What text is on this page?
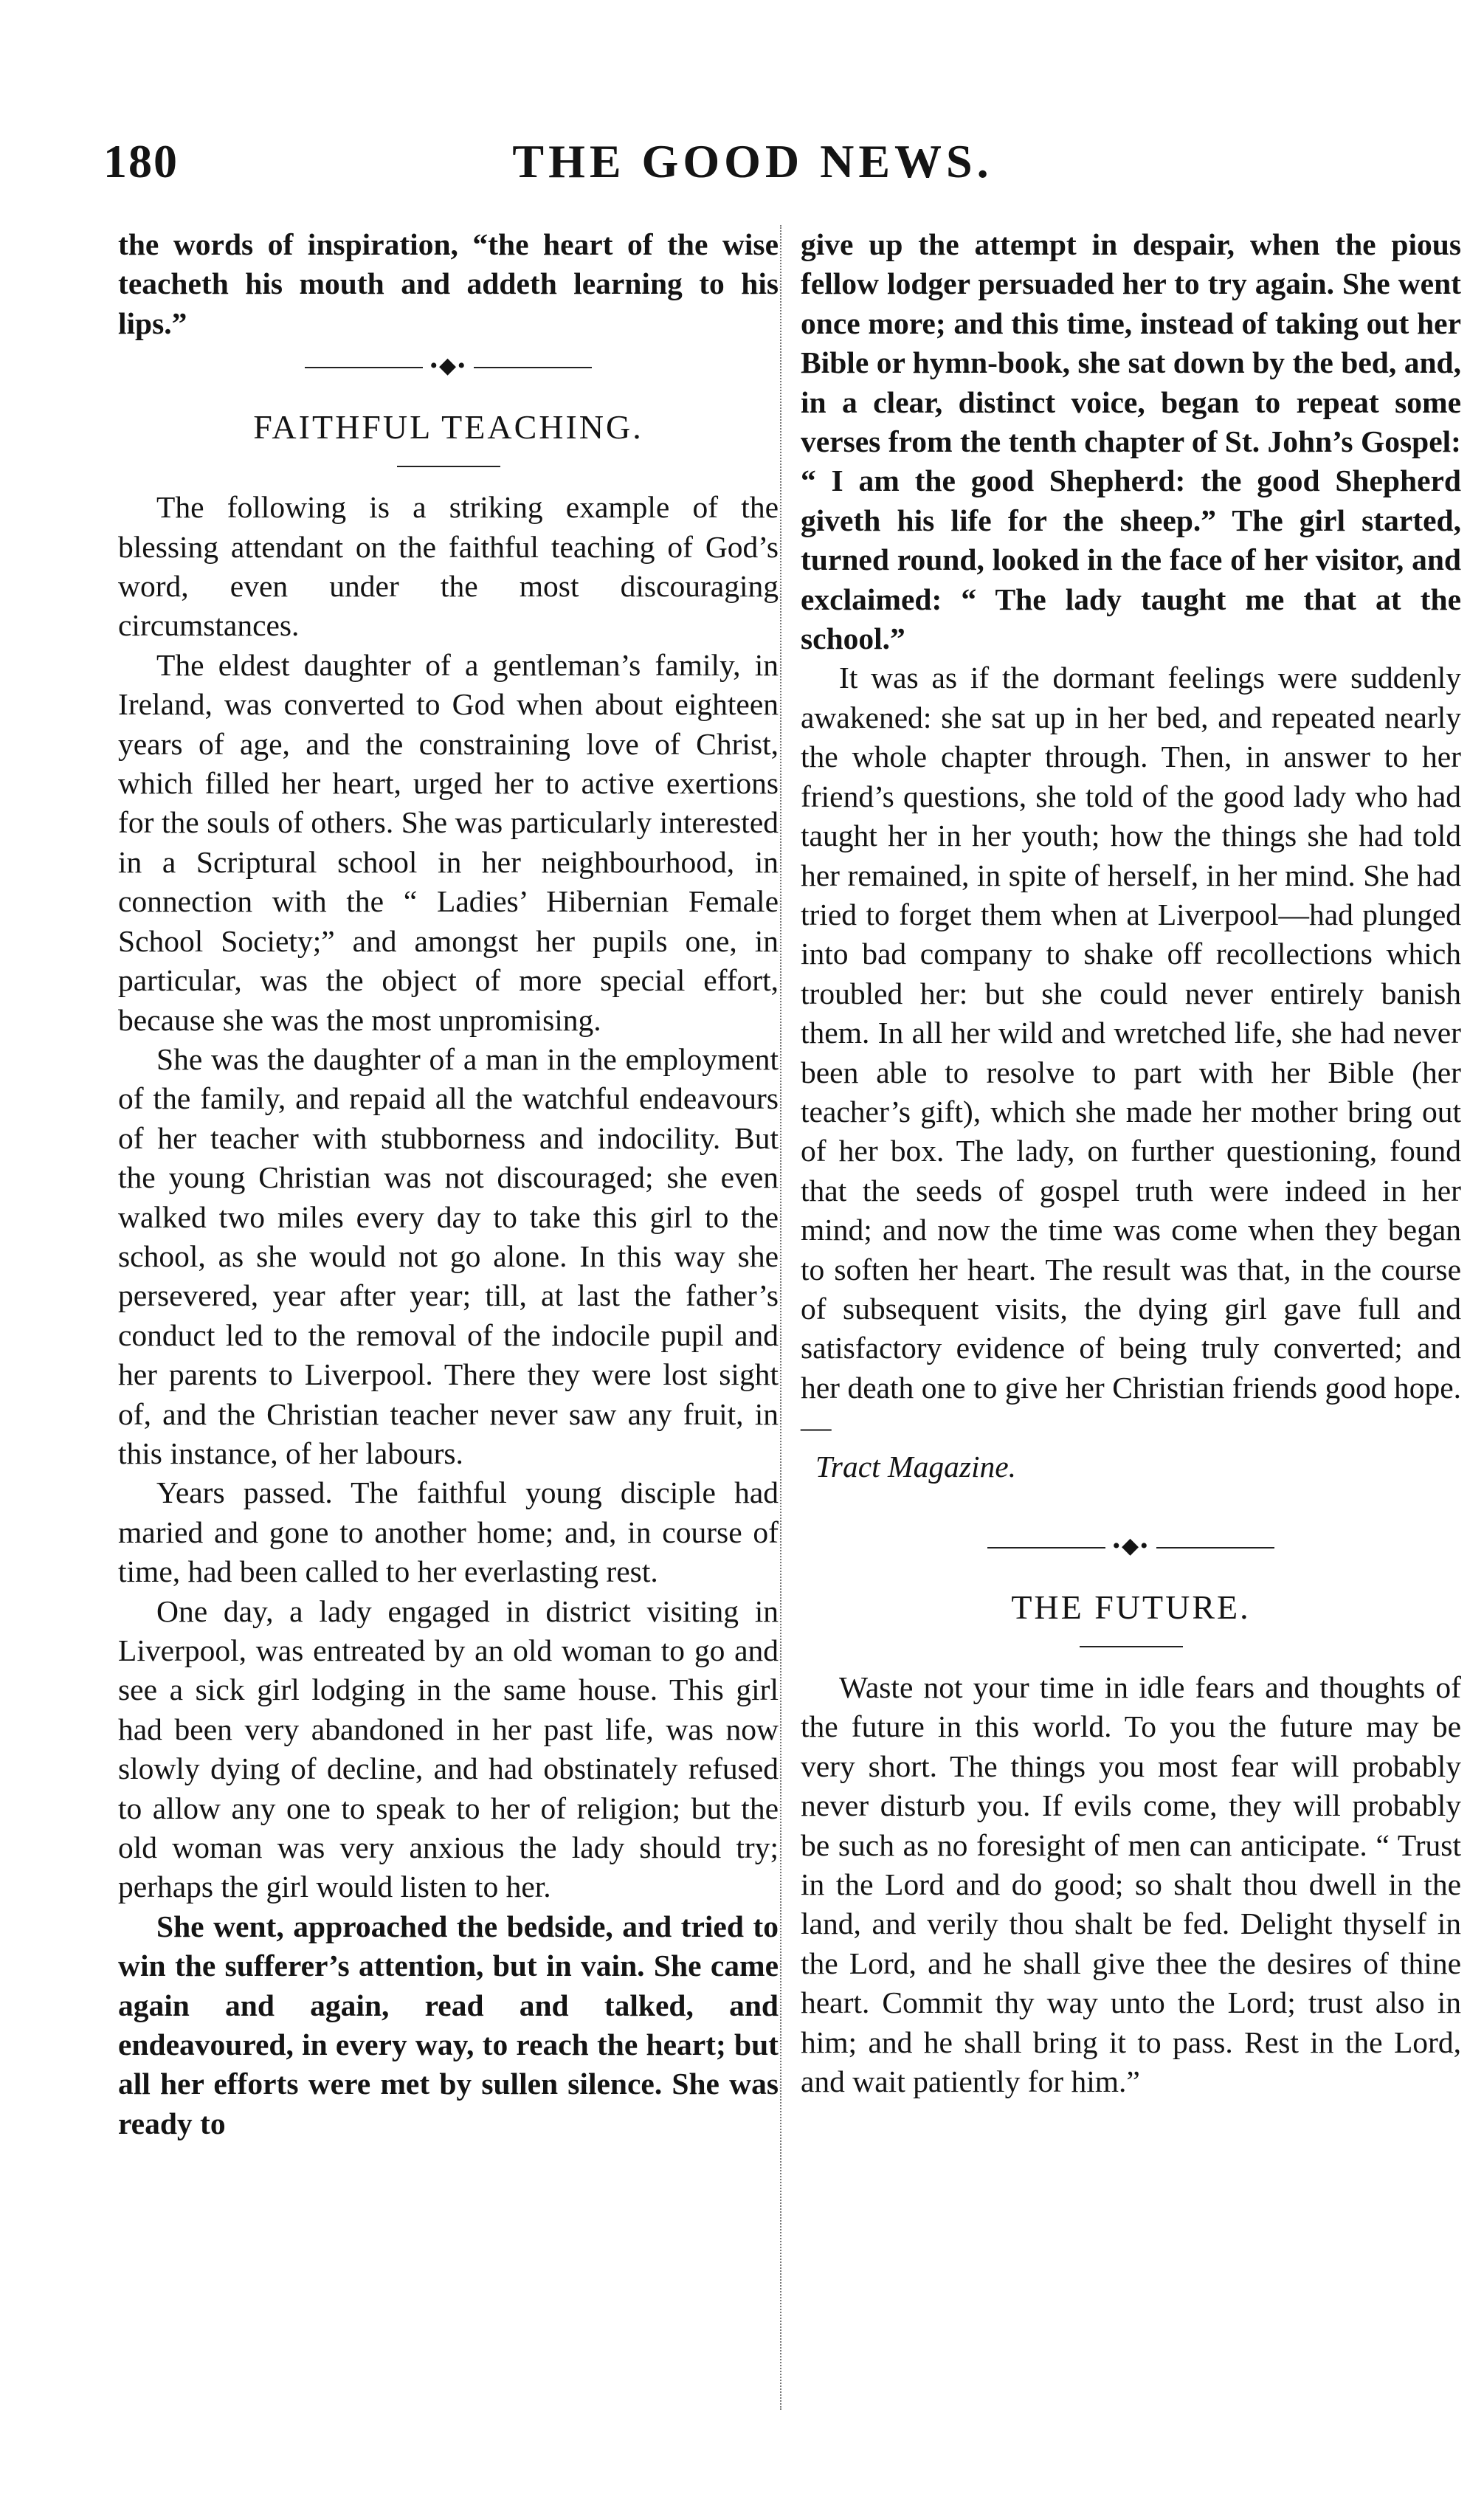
180	THE GOOD NEWS.

the words of inspiration, “the heart of the wise teacheth his mouth and addeth learning to his lips.”

•◆•
FAITHFUL TEACHING.

The following is a striking example of the blessing attendant on the faithful teaching of God’s word, even under the most discouraging circumstances.

The eldest daughter of a gentleman’s family, in Ireland, was converted to God when about eighteen years of age, and the constraining love of Christ, which filled her heart, urged her to active exertions for the souls of others. She was particularly interested in a Scriptural school in her neighbourhood, in connection with the “ Ladies’ Hibernian Female School Society;” and amongst her pupils one, in particular, was the object of more special effort, because she was the most unpromising.

She was the daughter of a man in the employment of the family, and repaid all the watchful endeavours of her teacher with stubborness and indocility. But the young Christian was not discouraged; she even walked two miles every day to take this girl to the school, as she would not go alone. In this way she persevered, year after year; till, at last the father’s conduct led to the removal of the indocile pupil and her parents to Liverpool. There they were lost sight of, and the Christian teacher never saw any fruit, in this instance, of her labours.

Years passed. The faithful young disciple had maried and gone to another home; and, in course of time, had been called to her everlasting rest.

One day, a lady engaged in district visiting in Liverpool, was entreated by an old woman to go and see a sick girl lodging in the same house. This girl had been very abandoned in her past life, was now slowly dying of decline, and had obstinately refused to allow any one to speak to her of religion; but the old woman was very anxious the lady should try; perhaps the girl would listen to her.

She went, approached the bedside, and tried to win the sufferer’s attention, but in vain. She came again and again, read and talked, and endeavoured, in every way, to reach the heart; but all her efforts were met by sullen silence. She was ready to

give up the attempt in despair, when the pious fellow lodger persuaded her to try again. She went once more; and this time, instead of taking out her Bible or hymn-book, she sat down by the bed, and, in a clear, distinct voice, began to repeat some verses from the tenth chapter of St. John’s Gospel: “ I am the good Shepherd: the good Shepherd giveth his life for the sheep.” The girl started, turned round, looked in the face of her visitor, and exclaimed: “ The lady taught me that at the school.”

It was as if the dormant feelings were suddenly awakened: she sat up in her bed, and repeated nearly the whole chapter through. Then, in answer to her friend’s questions, she told of the good lady who had taught her in her youth; how the things she had told her remained, in spite of herself, in her mind. She had tried to forget them when at Liverpool—had plunged into bad company to shake off recollections which troubled her: but she could never entirely banish them. In all her wild and wretched life, she had never been able to resolve to part with her Bible (her teacher’s gift), which she made her mother bring out of her box. The lady, on further questioning, found that the seeds of gospel truth were indeed in her mind; and now the time was come when they began to soften her heart. The result was that, in the course of subsequent visits, the dying girl gave full and satisfactory evidence of being truly converted; and her death one to give her Christian friends good hope.—

Tract Magazine.

•◆•
THE FUTURE.

Waste not your time in idle fears and thoughts of the future in this world. To you the future may be very short. The things you most fear will probably never disturb you. If evils come, they will probably be such as no foresight of men can anticipate. “ Trust in the Lord and do good; so shalt thou dwell in the land, and verily thou shalt be fed. Delight thyself in the Lord, and he shall give thee the desires of thine heart. Commit thy way unto the Lord; trust also in him; and he shall bring it to pass. Rest in the Lord, and wait patiently for him.”
